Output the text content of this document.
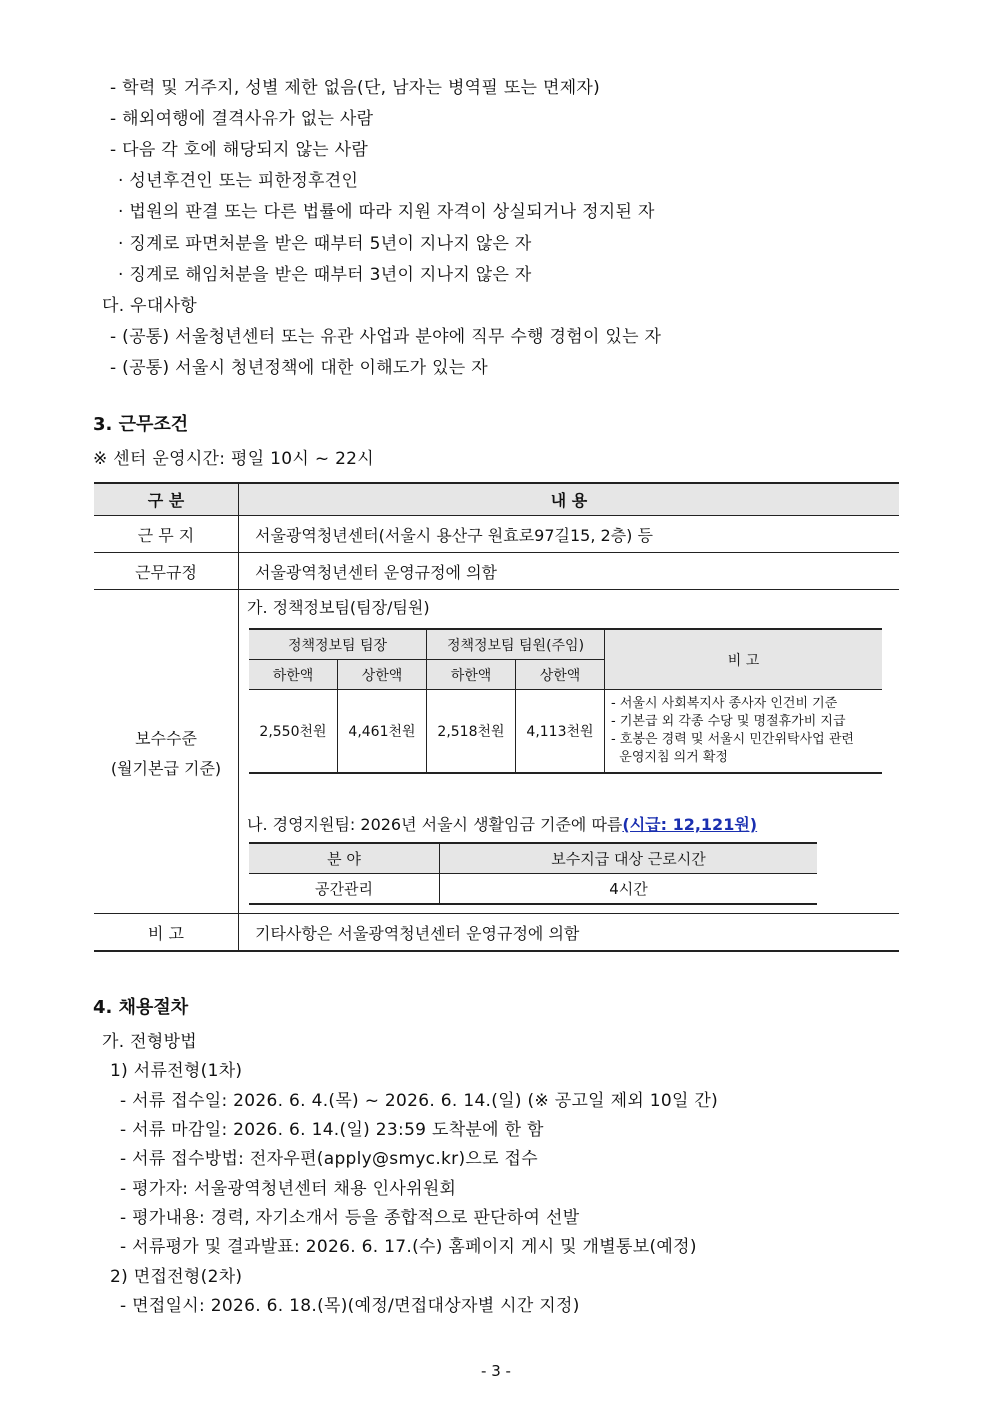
- 학력 및 거주지, 성별 제한 없음(단, 남자는 병역필 또는 면제자)
- 해외여행에 결격사유가 없는 사람
- 다음 각 호에 해당되지 않는 사람
· 성년후견인 또는 피한정후견인
· 법원의 판결 또는 다른 법률에 따라 지원 자격이 상실되거나 정지된 자
· 징계로 파면처분을 받은 때부터 5년이 지나지 않은 자
· 징계로 해임처분을 받은 때부터 3년이 지나지 않은 자
다. 우대사항
- (공통) 서울청년센터 또는 유관 사업과 분야에 직무 수행 경험이 있는 자
- (공통) 서울시 청년정책에 대한 이해도가 있는 자
3. 근무조건
※ 센터 운영시간: 평일 10시 ~ 22시
구 분	내 용
근 무 지	서울광역청년센터(서울시 용산구 원효로97길15, 2층) 등
근무규정	서울광역청년센터 운영규정에 의함

보수수준
(월기본급 기준)

가. 정책정보팀(팀장/팀원)
정책정보팀 팀장	정책정보팀 팀원(주임)	비 고
하한액	상한액	하한액	상한액
2,550천원	4,461천원	2,518천원	4,113천원	
- 서울시 사회복지사 종사자 인건비 기준
- 기본급 외 각종 수당 및 명절휴가비 지급
- 호봉은 경력 및 서울시 민간위탁사업 관련
운영지침 의거 확정
나. 경영지원팀: 2026년 서울시 생활임금 기준에 따름(시급: 12,121원)
분 야	보수지급 대상 근로시간
공간관리	4시간

비 고	기타사항은 서울광역청년센터 운영규정에 의함
4. 채용절차
가. 전형방법
1) 서류전형(1차)
- 서류 접수일: 2026. 6. 4.(목) ~ 2026. 6. 14.(일) (※ 공고일 제외 10일 간)
- 서류 마감일: 2026. 6. 14.(일) 23:59 도착분에 한 함
- 서류 접수방법: 전자우편(apply@smyc.kr)으로 접수
- 평가자: 서울광역청년센터 채용 인사위원회
- 평가내용: 경력, 자기소개서 등을 종합적으로 판단하여 선발
- 서류평가 및 결과발표: 2026. 6. 17.(수) 홈페이지 게시 및 개별통보(예정)
2) 면접전형(2차)
- 면접일시: 2026. 6. 18.(목)(예정/면접대상자별 시간 지정)
- 3 -
